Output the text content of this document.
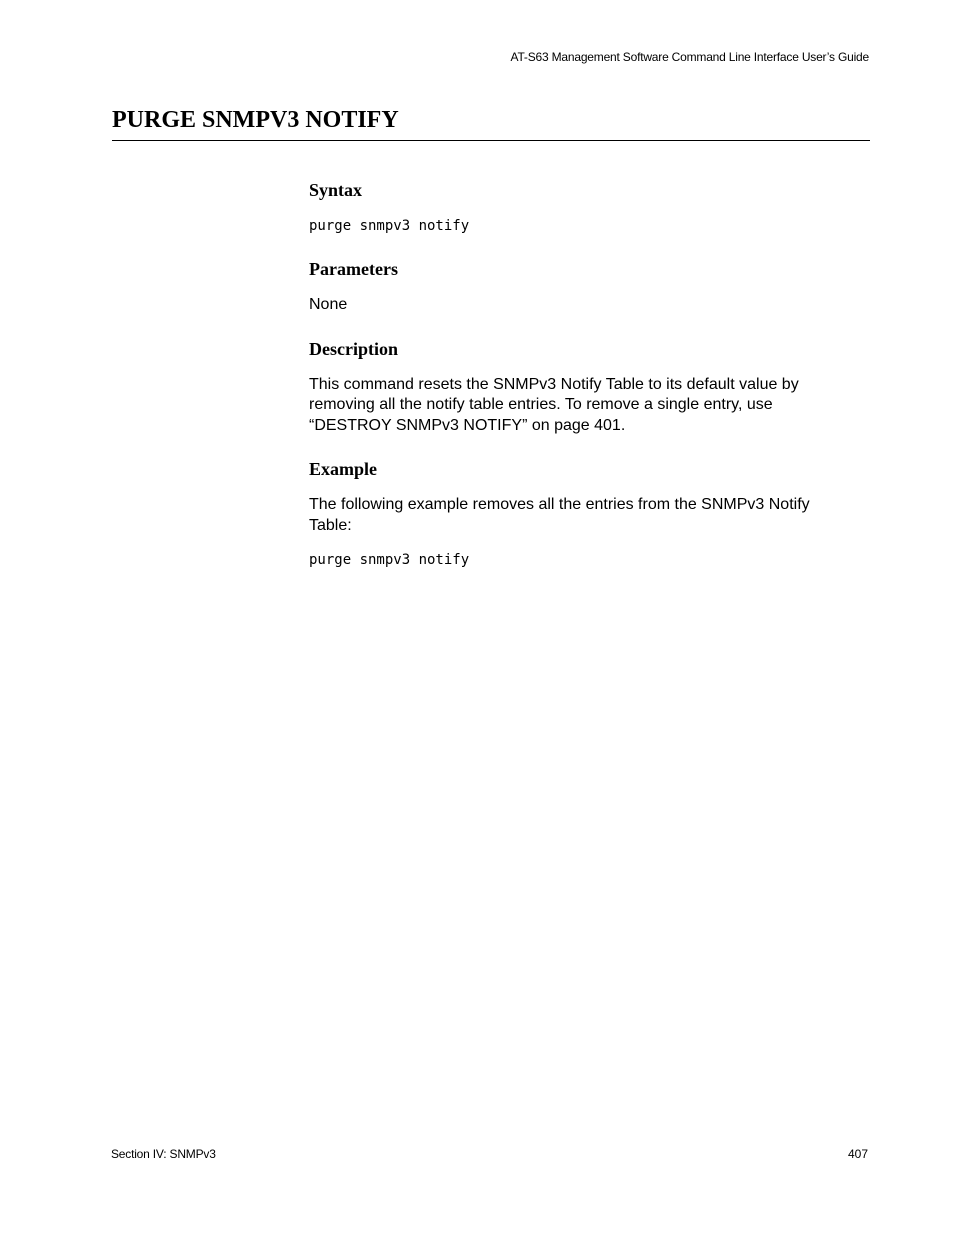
AT-S63 Management Software Command Line Interface User’s Guide
PURGE SNMPV3 NOTIFY
Syntax

purge snmpv3 notify

Parameters

None

Description

This command resets the SNMPv3 Notify Table to its default value by removing all the notify table entries. To remove a single entry, use “DESTROY SNMPv3 NOTIFY” on page 401.

Example

The following example removes all the entries from the SNMPv3 Notify Table:

purge snmpv3 notify

Section IV: SNMPv3	407
